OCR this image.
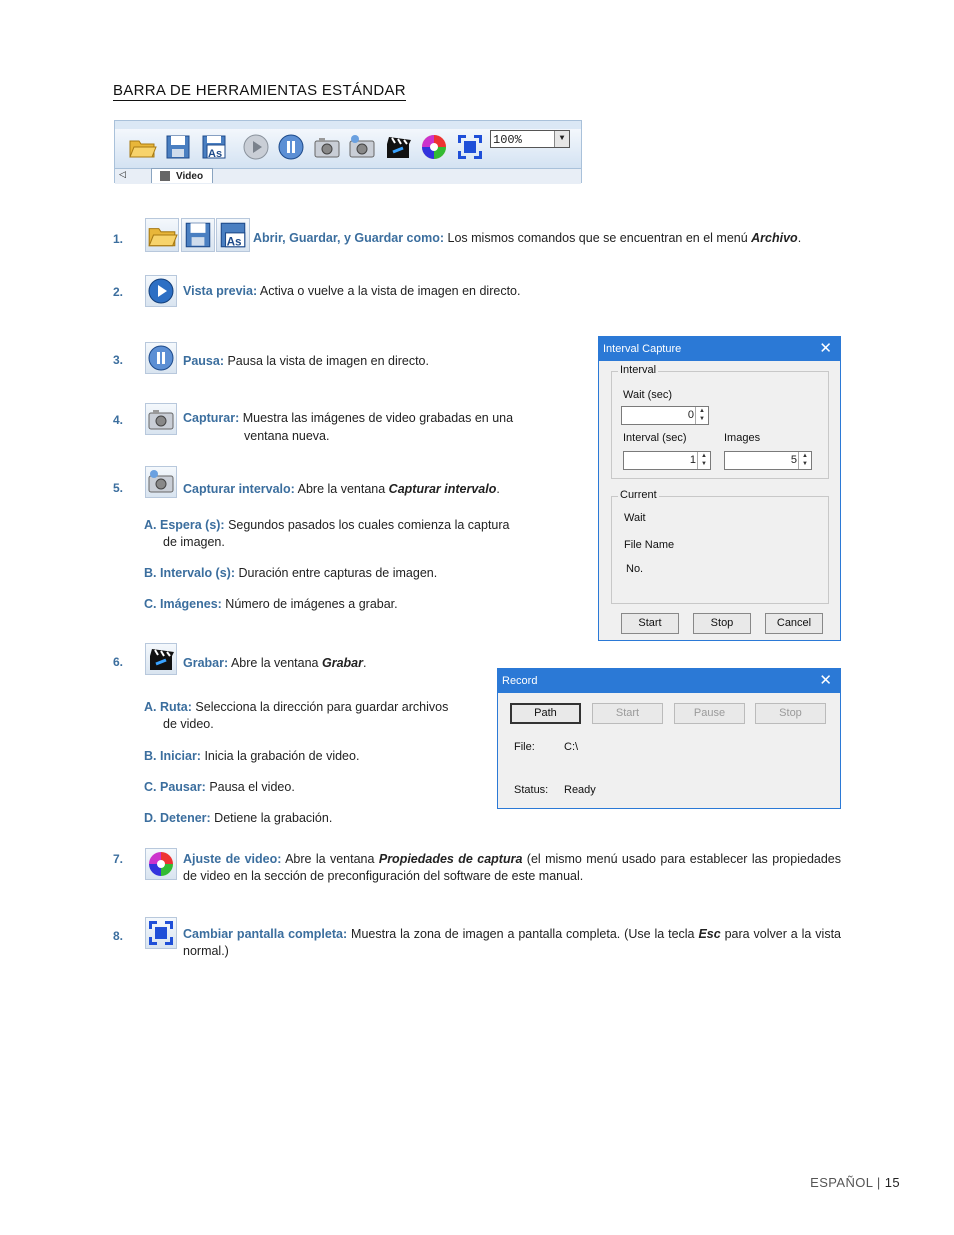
BARRA DE HERRAMIENTAS ESTÁNDAR
As
100%	▼
◁	Video
1.	As Abrir, Guardar, y Guardar como: Los mismos comandos que se encuentran en el menú Archivo.
2.	Vista previa: Activa o vuelve a la vista de imagen en directo.
3.	Pausa: Pausa la vista de imagen en directo.
4.	Capturar: Muestra las imágenes de video grabadas en una
ventana nueva.
5.	Capturar intervalo: Abre la ventana Capturar intervalo.
A. Espera (s): Segundos pasados los cuales comienza la captura
de imagen.
B. Intervalo (s): Duración entre capturas de imagen.
C. Imágenes: Número de imágenes a grabar.
Interval Capture	✕
Interval
Wait (sec)
0 ▲
▼
Interval (sec)	Images
1 ▲
▼	5 ▲
▼
Current
Wait
File Name
No.
Start	Stop	Cancel
6.	Grabar: Abre la ventana Grabar.
A. Ruta: Selecciona la dirección para guardar archivos
de video.
B. Iniciar: Inicia la grabación de video.
C. Pausar: Pausa el video.
D. Detener: Detiene la grabación.
Record	✕
Path	Start	Pause	Stop
File:	C:\
Status: Ready
7.	Ajuste de video: Abre la ventana Propiedades de captura (el mismo menú usado para establecer las propiedades de video en la sección de preconfiguración del software de este manual.
8.	Cambiar pantalla completa: Muestra la zona de imagen a pantalla completa. (Use la tecla Esc para volver a la vista normal.)
ESPAÑOL | 15
